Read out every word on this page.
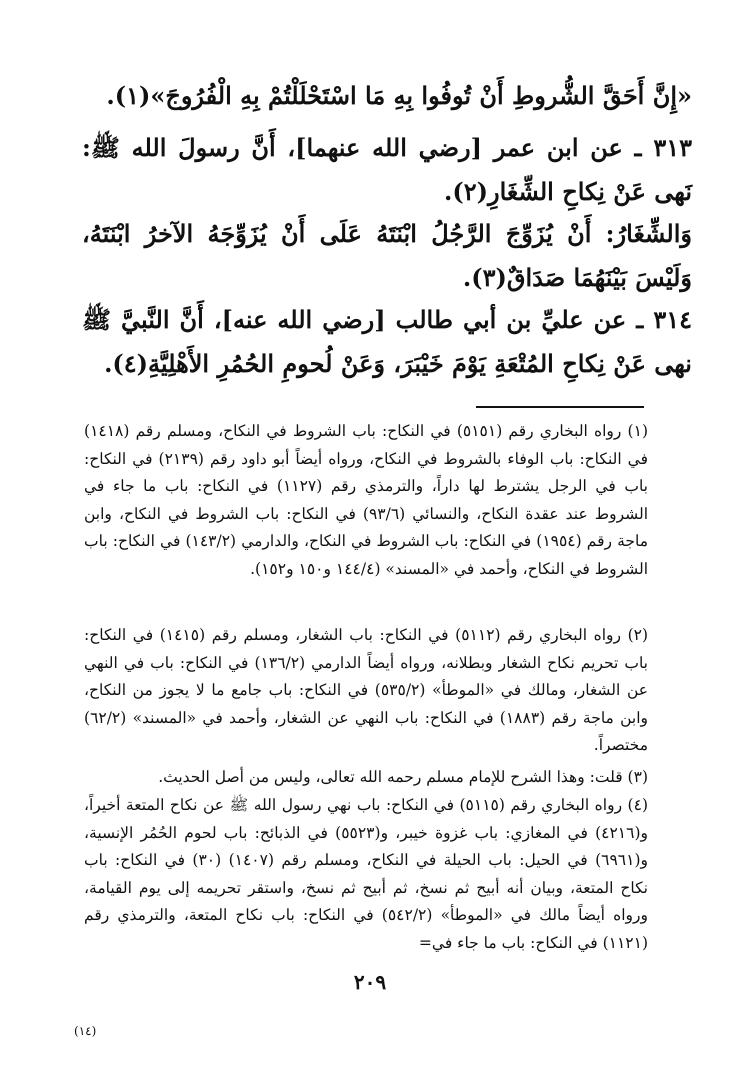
«إِنَّ أَحَقَّ الشُّروطِ أَنْ تُوفُوا بِهِ مَا اسْتَحْلَلْتُمْ بِهِ الْفُرُوجَ»(١).
٣١٣ ـ عن ابن عمر [رضي الله عنهما]، أَنَّ رسولَ الله ﷺ: نَهى عَنْ نِكاحِ الشِّغَارِ(٢).
وَالشِّغَارُ: أَنْ يُزَوِّجَ الرَّجُلُ ابْنَتَهُ عَلَى أَنْ يُزَوِّجَهُ الآخرُ ابْنَتَهُ، وَلَيْسَ بَيْنَهُمَا صَدَاقٌ(٣).
٣١٤ ـ عن عليِّ بن أبي طالب [رضي الله عنه]، أَنَّ النَّبيَّ ﷺ نهى عَنْ نِكاحِ المُتْعَةِ يَوْمَ خَيْبَرَ، وَعَنْ لُحومِ الحُمُرِ الأَهْلِيَّةِ(٤).
(١) رواه البخاري رقم (٥١٥١) في النكاح: باب الشروط في النكاح، ومسلم رقم (١٤١٨) في النكاح: باب الوفاء بالشروط في النكاح، ورواه أيضاً أبو داود رقم (٢١٣٩) في النكاح: باب في الرجل يشترط لها داراً، والترمذي رقم (١١٢٧) في النكاح: باب ما جاء في الشروط عند عقدة النكاح، والنسائي (٩٣/٦) في النكاح: باب الشروط في النكاح، وابن ماجة رقم (١٩٥٤) في النكاح: باب الشروط في النكاح، والدارمي (١٤٣/٢) في النكاح: باب الشروط في النكاح، وأحمد في «المسند» (١٤٤/٤ و١٥٠ و١٥٢).
(٢) رواه البخاري رقم (٥١١٢) في النكاح: باب الشغار، ومسلم رقم (١٤١٥) في النكاح: باب تحريم نكاح الشغار وبطلانه، ورواه أيضاً الدارمي (١٣٦/٢) في النكاح: باب في النهي عن الشغار، ومالك في «الموطأ» (٥٣٥/٢) في النكاح: باب جامع ما لا يجوز من النكاح، وابن ماجة رقم (١٨٨٣) في النكاح: باب النهي عن الشغار، وأحمد في «المسند» (٦٢/٢) مختصراً.
(٣) قلت: وهذا الشرح للإمام مسلم رحمه الله تعالى، وليس من أصل الحديث.
(٤) رواه البخاري رقم (٥١١٥) في النكاح: باب نهي رسول الله ﷺ عن نكاح المتعة أخيراً، و(٤٢١٦) في المغازي: باب غزوة خيبر، و(٥٥٢٣) في الذبائح: باب لحوم الحُمُر الإنسية، و(٦٩٦١) في الحيل: باب الحيلة في النكاح، ومسلم رقم (١٤٠٧) (٣٠) في النكاح: باب نكاح المتعة، وبيان أنه أبيح ثم نسخ، ثم أبيح ثم نسخ، واستقر تحريمه إلى يوم القيامة، ورواه أيضاً مالك في «الموطأ» (٥٤٢/٢) في النكاح: باب نكاح المتعة، والترمذي رقم (١١٢١) في النكاح: باب ما جاء في=
٢٠٩
(١٤)
